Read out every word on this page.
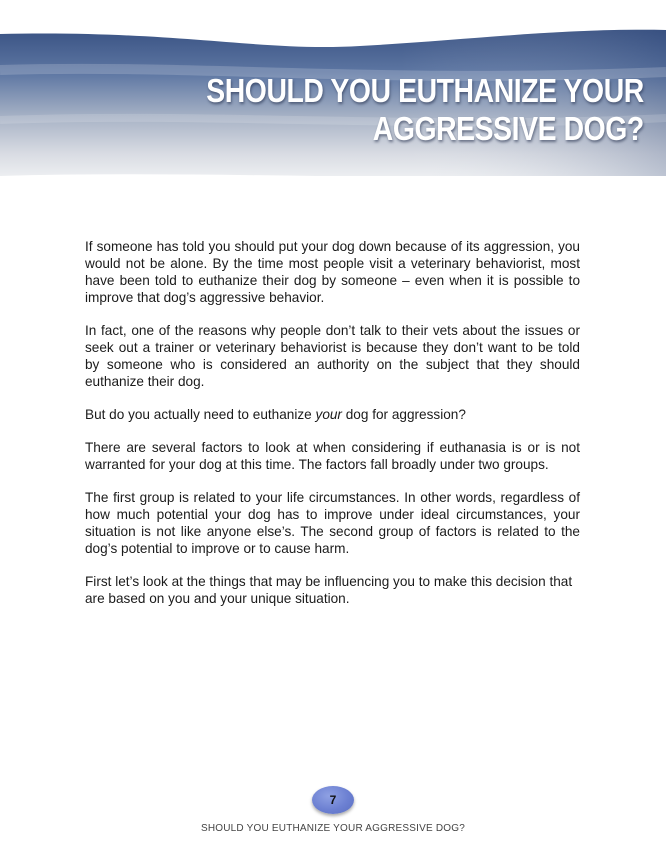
SHOULD YOU EUTHANIZE YOUR
AGGRESSIVE DOG?

If someone has told you should put your dog down because of its aggression, you would not be alone. By the time most people visit a veterinary behaviorist, most have been told to euthanize their dog by someone – even when it is possible to improve that dog’s aggressive behavior.

In fact, one of the reasons why people don’t talk to their vets about the issues or seek out a trainer or veterinary behaviorist is because they don’t want to be told by someone who is considered an authority on the subject that they should euthanize their dog.

But do you actually need to euthanize your dog for aggression?

There are several factors to look at when considering if euthanasia is or is not warranted for your dog at this time. The factors fall broadly under two groups.

The first group is related to your life circumstances. In other words, regardless of how much potential your dog has to improve under ideal circumstances, your situation is not like anyone else’s. The second group of factors is related to the dog’s potential to improve or to cause harm.

First let’s look at the things that may be influencing you to make this decision that are based on you and your unique situation.

7
SHOULD YOU EUTHANIZE YOUR AGGRESSIVE DOG?
